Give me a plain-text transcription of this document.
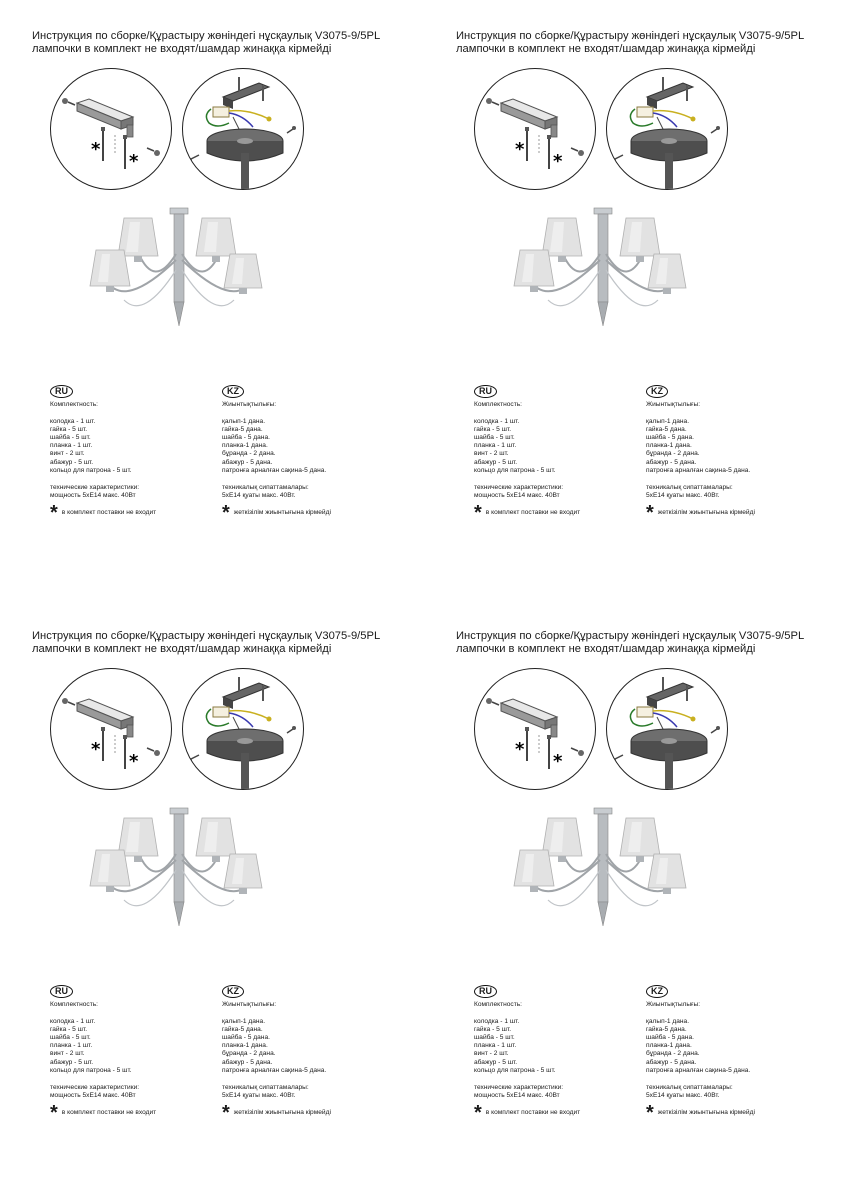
Инструкция по сборке/Құрастыру жөніндегі нұсқаулық V3075-9/5PL
лампочки в комплект не входят/шамдар жинаққа кірмейді
*
*
RU
Комплектность:
колодка - 1 шт.
гайка - 5 шт.
шайба - 5 шт.
планка - 1 шт.
винт - 2 шт.
абажур - 5 шт.
кольцо для патрона - 5 шт.
технические характеристики:
мощность 5хЕ14 макс. 40Вт
* в комплект поставки не входит
KZ
Жиынтықтылығы:
қалып-1 дана.
гайка-5 дана.
шайба - 5 дана.
планка-1 дана.
бұранда - 2 дана.
абажур - 5 дана.
патронға арналған сақина-5 дана.
техникалық сипаттамалары:
5хЕ14 қуаты макс. 40Вт.
* жеткізілім жиынтығына кірмейді
Инструкция по сборке/Құрастыру жөніндегі нұсқаулық V3075-9/5PL
лампочки в комплект не входят/шамдар жинаққа кірмейді
*
*
RU
Комплектность:
колодка - 1 шт.
гайка - 5 шт.
шайба - 5 шт.
планка - 1 шт.
винт - 2 шт.
абажур - 5 шт.
кольцо для патрона - 5 шт.
технические характеристики:
мощность 5хЕ14 макс. 40Вт
* в комплект поставки не входит
KZ
Жиынтықтылығы:
қалып-1 дана.
гайка-5 дана.
шайба - 5 дана.
планка-1 дана.
бұранда - 2 дана.
абажур - 5 дана.
патронға арналған сақина-5 дана.
техникалық сипаттамалары:
5хЕ14 қуаты макс. 40Вт.
* жеткізілім жиынтығына кірмейді
Инструкция по сборке/Құрастыру жөніндегі нұсқаулық V3075-9/5PL
лампочки в комплект не входят/шамдар жинаққа кірмейді
*
*
RU
Комплектность:
колодка - 1 шт.
гайка - 5 шт.
шайба - 5 шт.
планка - 1 шт.
винт - 2 шт.
абажур - 5 шт.
кольцо для патрона - 5 шт.
технические характеристики:
мощность 5хЕ14 макс. 40Вт
* в комплект поставки не входит
KZ
Жиынтықтылығы:
қалып-1 дана.
гайка-5 дана.
шайба - 5 дана.
планка-1 дана.
бұранда - 2 дана.
абажур - 5 дана.
патронға арналған сақина-5 дана.
техникалық сипаттамалары:
5хЕ14 қуаты макс. 40Вт.
* жеткізілім жиынтығына кірмейді
Инструкция по сборке/Құрастыру жөніндегі нұсқаулық V3075-9/5PL
лампочки в комплект не входят/шамдар жинаққа кірмейді
*
*
RU
Комплектность:
колодка - 1 шт.
гайка - 5 шт.
шайба - 5 шт.
планка - 1 шт.
винт - 2 шт.
абажур - 5 шт.
кольцо для патрона - 5 шт.
технические характеристики:
мощность 5хЕ14 макс. 40Вт
* в комплект поставки не входит
KZ
Жиынтықтылығы:
қалып-1 дана.
гайка-5 дана.
шайба - 5 дана.
планка-1 дана.
бұранда - 2 дана.
абажур - 5 дана.
патронға арналған сақина-5 дана.
техникалық сипаттамалары:
5хЕ14 қуаты макс. 40Вт.
* жеткізілім жиынтығына кірмейді
